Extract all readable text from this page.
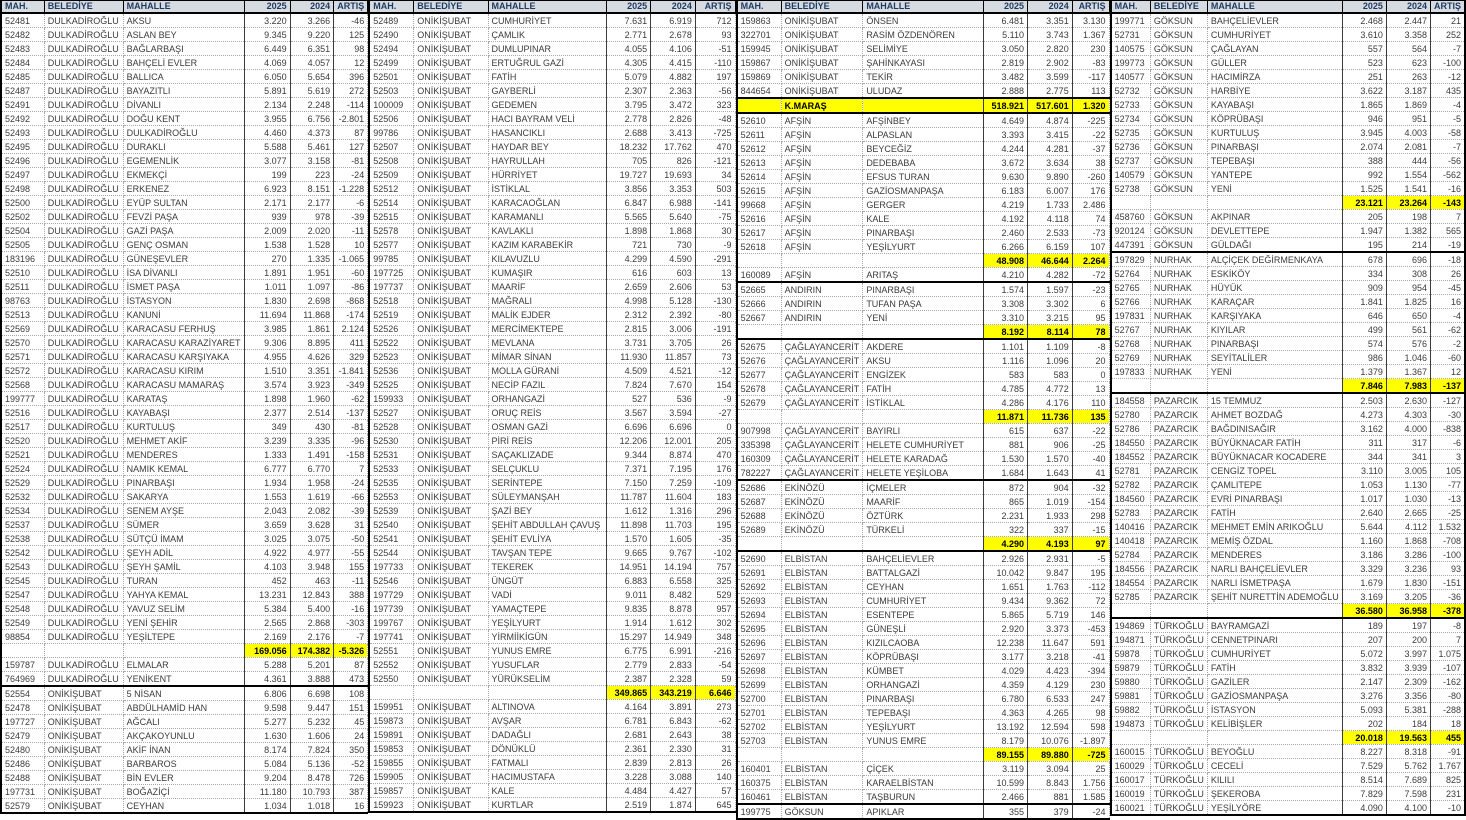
MAH.	BELEDİYE	MAHALLE	2025	2024	ARTIŞ
52481	DULKADİROĞLU	AKSU	3.220	3.266	-46
52482	DULKADİROĞLU	ASLAN BEY	9.345	9.220	125
52483	DULKADİROĞLU	BAĞLARBAŞI	6.449	6.351	98
52484	DULKADİROĞLU	BAHÇELİ EVLER	4.069	4.057	12
52485	DULKADİROĞLU	BALLICA	6.050	5.654	396
52487	DULKADİROĞLU	BAYAZITLI	5.891	5.619	272
52491	DULKADİROĞLU	DİVANLI	2.134	2.248	-114
52492	DULKADİROĞLU	DOĞU KENT	3.955	6.756	-2.801
52493	DULKADİROĞLU	DULKADİROĞLU	4.460	4.373	87
52495	DULKADİROĞLU	DURAKLI	5.588	5.461	127
52496	DULKADİROĞLU	EGEMENLİK	3.077	3.158	-81
52497	DULKADİROĞLU	EKMEKÇİ	199	223	-24
52498	DULKADİROĞLU	ERKENEZ	6.923	8.151	-1.228
52500	DULKADİROĞLU	EYÜP SULTAN	2.171	2.177	-6
52502	DULKADİROĞLU	FEVZİ PAŞA	939	978	-39
52504	DULKADİROĞLU	GAZİ PAŞA	2.009	2.020	-11
52505	DULKADİROĞLU	GENÇ OSMAN	1.538	1.528	10
183196	DULKADİROĞLU	GÜNEŞEVLER	270	1.335	-1.065
52510	DULKADİROĞLU	İSA DİVANLI	1.891	1.951	-60
52511	DULKADİROĞLU	İSMET PAŞA	1.011	1.097	-86
98763	DULKADİROĞLU	İSTASYON	1.830	2.698	-868
52513	DULKADİROĞLU	KANUNİ	11.694	11.868	-174
52569	DULKADİROĞLU	KARACASU FERHUŞ	3.985	1.861	2.124
52570	DULKADİROĞLU	KARACASU KARAZİYARET	9.306	8.895	411
52571	DULKADİROĞLU	KARACASU KARŞIYAKA	4.955	4.626	329
52572	DULKADİROĞLU	KARACASU KIRIM	1.510	3.351	-1.841
52568	DULKADİROĞLU	KARACASU MAMARAŞ	3.574	3.923	-349
199777	DULKADİROĞLU	KARATAŞ	1.898	1.960	-62
52516	DULKADİROĞLU	KAYABAŞI	2.377	2.514	-137
52517	DULKADİROĞLU	KURTULUŞ	349	430	-81
52520	DULKADİROĞLU	MEHMET AKİF	3.239	3.335	-96
52521	DULKADİROĞLU	MENDERES	1.333	1.491	-158
52524	DULKADİROĞLU	NAMIK KEMAL	6.777	6.770	7
52529	DULKADİROĞLU	PINARBAŞI	1.934	1.958	-24
52532	DULKADİROĞLU	SAKARYA	1.553	1.619	-66
52534	DULKADİROĞLU	SENEM AYŞE	2.043	2.082	-39
52537	DULKADİROĞLU	SÜMER	3.659	3.628	31
52538	DULKADİROĞLU	SÜTÇÜ İMAM	3.025	3.075	-50
52542	DULKADİROĞLU	ŞEYH ADİL	4.922	4.977	-55
52543	DULKADİROĞLU	ŞEYH ŞAMİL	4.103	3.948	155
52545	DULKADİROĞLU	TURAN	452	463	-11
52547	DULKADİROĞLU	YAHYA KEMAL	13.231	12.843	388
52548	DULKADİROĞLU	YAVUZ SELİM	5.384	5.400	-16
52549	DULKADİROĞLU	YENİ ŞEHİR	2.565	2.868	-303
98854	DULKADİROĞLU	YEŞİLTEPE	2.169	2.176	-7
			169.056	174.382	-5.326
159787	DULKADİROĞLU	ELMALAR	5.288	5.201	87
764969	DULKADİROĞLU	YENİKENT	4.361	3.888	473
52554	ONİKİŞUBAT	5 NİSAN	6.806	6.698	108
52478	ONİKİŞUBAT	ABDÜLHAMİD HAN	9.598	9.447	151
197727	ONİKİŞUBAT	AĞCALI	5.277	5.232	45
52479	ONİKİŞUBAT	AKÇAKOYUNLU	1.630	1.606	24
52480	ONİKİŞUBAT	AKİF İNAN	8.174	7.824	350
52486	ONİKİŞUBAT	BARBAROS	5.084	5.136	-52
52488	ONİKİŞUBAT	BİN EVLER	9.204	8.478	726
197731	ONİKİŞUBAT	BOĞAZİÇİ	11.180	10.793	387
52579	ONİKİŞUBAT	CEYHAN	1.034	1.018	16
MAH.	BELEDİYE	MAHALLE	2025	2024	ARTIŞ
52489	ONİKİŞUBAT	CUMHURİYET	7.631	6.919	712
52490	ONİKİŞUBAT	ÇAMLIK	2.771	2.678	93
52494	ONİKİŞUBAT	DUMLUPINAR	4.055	4.106	-51
52499	ONİKİŞUBAT	ERTUĞRUL GAZİ	4.305	4.415	-110
52501	ONİKİŞUBAT	FATİH	5.079	4.882	197
52503	ONİKİŞUBAT	GAYBERLİ	2.307	2.363	-56
100009	ONİKİŞUBAT	GEDEMEN	3.795	3.472	323
52506	ONİKİŞUBAT	HACI BAYRAM VELİ	2.778	2.826	-48
99786	ONİKİŞUBAT	HASANCIKLI	2.688	3.413	-725
52507	ONİKİŞUBAT	HAYDAR BEY	18.232	17.762	470
52508	ONİKİŞUBAT	HAYRULLAH	705	826	-121
52509	ONİKİŞUBAT	HÜRRİYET	19.727	19.693	34
52512	ONİKİŞUBAT	İSTİKLAL	3.856	3.353	503
52514	ONİKİŞUBAT	KARACAOĞLAN	6.847	6.988	-141
52515	ONİKİŞUBAT	KARAMANLI	5.565	5.640	-75
52578	ONİKİŞUBAT	KAVLAKLI	1.898	1.868	30
52577	ONİKİŞUBAT	KAZIM KARABEKİR	721	730	-9
99785	ONİKİŞUBAT	KILAVUZLU	4.299	4.590	-291
197725	ONİKİŞUBAT	KUMAŞIR	616	603	13
197737	ONİKİŞUBAT	MAARİF	2.659	2.606	53
52518	ONİKİŞUBAT	MAĞRALI	4.998	5.128	-130
52519	ONİKİŞUBAT	MALİK EJDER	2.312	2.392	-80
52526	ONİKİŞUBAT	MERCİMEKTEPE	2.815	3.006	-191
52522	ONİKİŞUBAT	MEVLANA	3.731	3.705	26
52523	ONİKİŞUBAT	MİMAR SİNAN	11.930	11.857	73
52536	ONİKİŞUBAT	MOLLA GÜRANİ	4.509	4.521	-12
52525	ONİKİŞUBAT	NECİP FAZIL	7.824	7.670	154
159933	ONİKİŞUBAT	ORHANGAZİ	527	536	-9
52527	ONİKİŞUBAT	ORUÇ REİS	3.567	3.594	-27
52528	ONİKİŞUBAT	OSMAN GAZİ	6.696	6.696	0
52530	ONİKİŞUBAT	PİRİ REİS	12.206	12.001	205
52531	ONİKİŞUBAT	SAÇAKLIZADE	9.344	8.874	470
52533	ONİKİŞUBAT	SELÇUKLU	7.371	7.195	176
52535	ONİKİŞUBAT	SERİNTEPE	7.150	7.259	-109
52553	ONİKİŞUBAT	SÜLEYMANŞAH	11.787	11.604	183
52539	ONİKİŞUBAT	ŞAZİ BEY	1.612	1.316	296
52540	ONİKİŞUBAT	ŞEHİT ABDULLAH ÇAVUŞ	11.898	11.703	195
52541	ONİKİŞUBAT	ŞEHİT EVLİYA	1.570	1.605	-35
52544	ONİKİŞUBAT	TAVŞAN TEPE	9.665	9.767	-102
197733	ONİKİŞUBAT	TEKEREK	14.951	14.194	757
52546	ONİKİŞUBAT	ÜNGÜT	6.883	6.558	325
197729	ONİKİŞUBAT	VADİ	9.011	8.482	529
197739	ONİKİŞUBAT	YAMAÇTEPE	9.835	8.878	957
199767	ONİKİŞUBAT	YEŞİLYURT	1.914	1.612	302
197741	ONİKİŞUBAT	YİRMİİKİGÜN	15.297	14.949	348
52551	ONİKİŞUBAT	YUNUS EMRE	6.775	6.991	-216
52552	ONİKİŞUBAT	YUSUFLAR	2.779	2.833	-54
52550	ONİKİŞUBAT	YÜRÜKSELİM	2.387	2.328	59
			349.865	343.219	6.646
159951	ONİKİŞUBAT	ALTINOVA	4.164	3.891	273
159873	ONİKİŞUBAT	AVŞAR	6.781	6.843	-62
159891	ONİKİŞUBAT	DADAĞLI	2.681	2.643	38
159853	ONİKİŞUBAT	DÖNÜKLÜ	2.361	2.330	31
159855	ONİKİŞUBAT	FATMALI	2.839	2.813	26
159905	ONİKİŞUBAT	HACIMUSTAFA	3.228	3.088	140
159857	ONİKİŞUBAT	KALE	4.484	4.427	57
159923	ONİKİŞUBAT	KURTLAR	2.519	1.874	645
MAH.	BELEDİYE	MAHALLE	2025	2024	ARTIŞ
159863	ONİKİŞUBAT	ÖNSEN	6.481	3.351	3.130
322701	ONİKİŞUBAT	RASİM ÖZDENÖREN	5.110	3.743	1.367
159945	ONİKİŞUBAT	SELİMİYE	3.050	2.820	230
159867	ONİKİŞUBAT	ŞAHİNKAYASI	2.819	2.902	-83
159869	ONİKİŞUBAT	TEKİR	3.482	3.599	-117
844654	ONİKİŞUBAT	ULUDAZ	2.888	2.775	113
	K.MARAŞ		518.921	517.601	1.320
52610	AFŞİN	AFŞİNBEY	4.649	4.874	-225
52611	AFŞİN	ALPASLAN	3.393	3.415	-22
52612	AFŞİN	BEYCEĞİZ	4.244	4.281	-37
52613	AFŞİN	DEDEBABA	3.672	3.634	38
52614	AFŞİN	EFSUS TURAN	9.630	9.890	-260
52615	AFŞİN	GAZİOSMANPAŞA	6.183	6.007	176
99668	AFŞİN	GERGER	4.219	1.733	2.486
52616	AFŞİN	KALE	4.192	4.118	74
52617	AFŞİN	PINARBAŞI	2.460	2.533	-73
52618	AFŞİN	YEŞİLYURT	6.266	6.159	107
			48.908	46.644	2.264
160089	AFŞİN	ARITAŞ	4.210	4.282	-72
52665	ANDIRIN	PINARBAŞI	1.574	1.597	-23
52666	ANDIRIN	TUFAN PAŞA	3.308	3.302	6
52667	ANDIRIN	YENİ	3.310	3.215	95
			8.192	8.114	78
52675	ÇAĞLAYANCERİT	AKDERE	1.101	1.109	-8
52676	ÇAĞLAYANCERİT	AKSU	1.116	1.096	20
52677	ÇAĞLAYANCERİT	ENGİZEK	583	583	0
52678	ÇAĞLAYANCERİT	FATİH	4.785	4.772	13
52679	ÇAĞLAYANCERİT	İSTİKLAL	4.286	4.176	110
			11.871	11.736	135
907998	ÇAĞLAYANCERİT	BAYIRLI	615	637	-22
335398	ÇAĞLAYANCERİT	HELETE CUMHURİYET	881	906	-25
160309	ÇAĞLAYANCERİT	HELETE KARADAĞ	1.530	1.570	-40
782227	ÇAĞLAYANCERİT	HELETE YEŞİLOBA	1.684	1.643	41
52686	EKİNÖZÜ	İÇMELER	872	904	-32
52687	EKİNÖZÜ	MAARİF	865	1.019	-154
52688	EKİNÖZÜ	ÖZTÜRK	2.231	1.933	298
52689	EKİNÖZÜ	TÜRKELİ	322	337	-15
			4.290	4.193	97
52690	ELBİSTAN	BAHÇELİEVLER	2.926	2.931	-5
52691	ELBİSTAN	BATTALGAZİ	10.042	9.847	195
52692	ELBİSTAN	CEYHAN	1.651	1.763	-112
52693	ELBİSTAN	CUMHURİYET	9.434	9.362	72
52694	ELBİSTAN	ESENTEPE	5.865	5.719	146
52695	ELBİSTAN	GÜNEŞLİ	2.920	3.373	-453
52696	ELBİSTAN	KIZILCAOBA	12.238	11.647	591
52697	ELBİSTAN	KÖPRÜBAŞI	3.177	3.218	-41
52698	ELBİSTAN	KÜMBET	4.029	4.423	-394
52699	ELBİSTAN	ORHANGAZİ	4.359	4.129	230
52700	ELBİSTAN	PINARBAŞI	6.780	6.533	247
52701	ELBİSTAN	TEPEBAŞI	4.363	4.265	98
52702	ELBİSTAN	YEŞİLYURT	13.192	12.594	598
52703	ELBİSTAN	YUNUS EMRE	8.179	10.076	-1.897
			89.155	89.880	-725
160401	ELBİSTAN	ÇİÇEK	3.119	3.094	25
160375	ELBİSTAN	KARAELBİSTAN	10.599	8.843	1.756
160461	ELBİSTAN	TAŞBURUN	2.466	881	1.585
199775	GÖKSUN	APIKLAR	355	379	-24
MAH.	BELEDİYE	MAHALLE	2025	2024	ARTIŞ
199771	GÖKSUN	BAHÇELİEVLER	2.468	2.447	21
52731	GÖKSUN	CUMHURİYET	3.610	3.358	252
140575	GÖKSUN	ÇAĞLAYAN	557	564	-7
199773	GÖKSUN	GÜLLER	523	623	-100
140577	GÖKSUN	HACIMİRZA	251	263	-12
52732	GÖKSUN	HARBİYE	3.622	3.187	435
52733	GÖKSUN	KAYABAŞI	1.865	1.869	-4
52734	GÖKSUN	KÖPRÜBAŞI	946	951	-5
52735	GÖKSUN	KURTULUŞ	3.945	4.003	-58
52736	GÖKSUN	PINARBAŞI	2.074	2.081	-7
52737	GÖKSUN	TEPEBAŞI	388	444	-56
140579	GÖKSUN	YANTEPE	992	1.554	-562
52738	GÖKSUN	YENİ	1.525	1.541	-16
			23.121	23.264	-143
458760	GÖKSUN	AKPINAR	205	198	7
920124	GÖKSUN	DEVLETTEPE	1.947	1.382	565
447391	GÖKSUN	GÜLDAĞI	195	214	-19
197829	NURHAK	ALÇİÇEK DEĞİRMENKAYA	678	696	-18
52764	NURHAK	ESKİKÖY	334	308	26
52765	NURHAK	HÜYÜK	909	954	-45
52766	NURHAK	KARAÇAR	1.841	1.825	16
197831	NURHAK	KARŞIYAKA	646	650	-4
52767	NURHAK	KIYILAR	499	561	-62
52768	NURHAK	PINARBAŞI	574	576	-2
52769	NURHAK	SEYİTALİLER	986	1.046	-60
197833	NURHAK	YENİ	1.379	1.367	12
			7.846	7.983	-137
184558	PAZARCIK	15 TEMMUZ	2.503	2.630	-127
52780	PAZARCIK	AHMET BOZDAĞ	4.273	4.303	-30
52786	PAZARCIK	BAĞDINISAĞIR	3.162	4.000	-838
184550	PAZARCIK	BÜYÜKNACAR FATİH	311	317	-6
184552	PAZARCIK	BÜYÜKNACAR KOCADERE	344	341	3
52781	PAZARCIK	CENGİZ TOPEL	3.110	3.005	105
52782	PAZARCIK	ÇAMLITEPE	1.053	1.130	-77
184560	PAZARCIK	EVRİ PINARBAŞI	1.017	1.030	-13
52783	PAZARCIK	FATİH	2.640	2.665	-25
140416	PAZARCIK	MEHMET EMİN ARIKOĞLU	5.644	4.112	1.532
140418	PAZARCIK	MEMİŞ ÖZDAL	1.160	1.868	-708
52784	PAZARCIK	MENDERES	3.186	3.286	-100
184556	PAZARCIK	NARLI BAHÇELİEVLER	3.329	3.236	93
184554	PAZARCIK	NARLI İSMETPAŞA	1.679	1.830	-151
52785	PAZARCIK	ŞEHİT NURETTİN ADEMOĞLU	3.169	3.205	-36
			36.580	36.958	-378
194869	TÜRKOĞLU	BAYRAMGAZİ	189	197	-8
194871	TÜRKOĞLU	CENNETPINARI	207	200	7
59878	TÜRKOĞLU	CUMHURİYET	5.072	3.997	1.075
59879	TÜRKOĞLU	FATİH	3.832	3.939	-107
59880	TÜRKOĞLU	GAZİLER	2.147	2.309	-162
59881	TÜRKOĞLU	GAZİOSMANPAŞA	3.276	3.356	-80
59882	TÜRKOĞLU	İSTASYON	5.093	5.381	-288
194873	TÜRKOĞLU	KELİBİŞLER	202	184	18
			20.018	19.563	455
160015	TÜRKOĞLU	BEYOĞLU	8.227	8.318	-91
160029	TÜRKOĞLU	CECELİ	7.529	5.762	1.767
160017	TÜRKOĞLU	KILILI	8.514	7.689	825
160019	TÜRKOĞLU	ŞEKEROBA	7.829	7.598	231
160021	TÜRKOĞLU	YEŞİLYÖRE	4.090	4.100	-10
